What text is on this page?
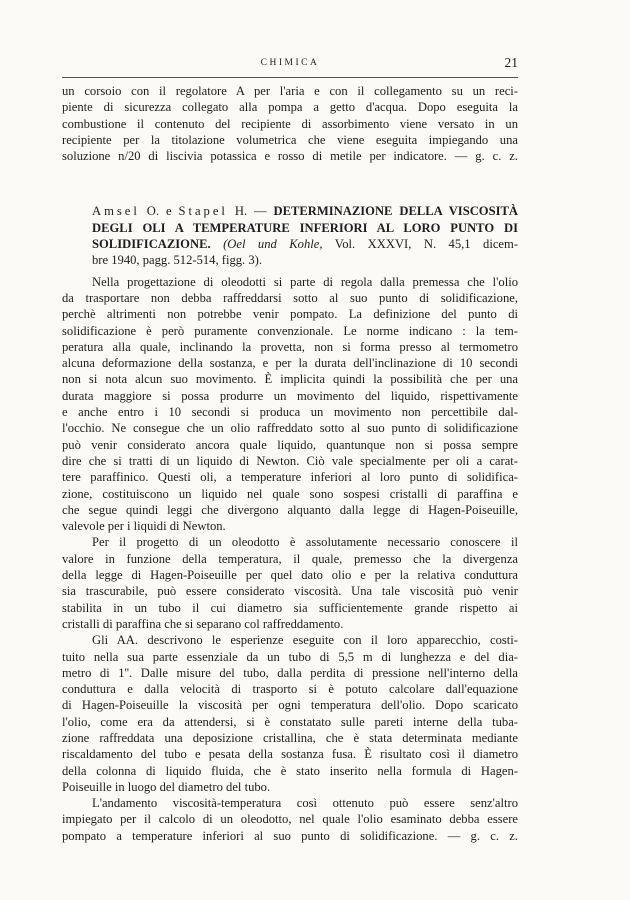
CHIMICA	21

un corsoio con il regolatore A per l'aria e con il collegamento su un reci-

piente di sicurezza collegato alla pompa a getto d'acqua. Dopo eseguita la

combustione il contenuto del recipiente di assorbimento viene versato in un

recipiente per la titolazione volumetrica che viene eseguita impiegando una

soluzione n/20 di liscivia potassica e rosso di metile per indicatore. — g. c. z.

Amsel O. e Stapel H. — DETERMINAZIONE DELLA VISCOSITÀ

DEGLI OLI A TEMPERATURE INFERIORI AL LORO PUNTO DI

SOLIDIFICAZIONE. (Oel und Kohle, Vol. XXXVI, N. 45,1 dicem-

bre 1940, pagg. 512-514, figg. 3).

Nella progettazione di oleodotti si parte di regola dalla premessa che l'olio

da trasportare non debba raffreddarsi sotto al suo punto di solidificazione,

perchè altrimenti non potrebbe venir pompato. La definizione del punto di

solidificazione è però puramente convenzionale. Le norme indicano : la tem-

peratura alla quale, inclinando la provetta, non si forma presso al termometro

alcuna deformazione della sostanza, e per la durata dell'inclinazione di 10 secondi

non si nota alcun suo movimento. È implicita quindi la possibilità che per una

durata maggiore si possa produrre un movimento del liquido, rispettivamente

e anche entro i 10 secondi si produca un movimento non percettibile dal-

l'occhio. Ne consegue che un olio raffreddato sotto al suo punto di solidificazione

può venir considerato ancora quale liquido, quantunque non si possa sempre

dire che si tratti di un liquido di Newton. Ciò vale specialmente per oli a carat-

tere paraffinico. Questi oli, a temperature inferiori al loro punto di solidifica-

zione, costituiscono un liquido nel quale sono sospesi cristalli di paraffina e

che segue quindi leggi che divergono alquanto dalla legge di Hagen-Poiseuille,

valevole per i liquidi di Newton.

Per il progetto di un oleodotto è assolutamente necessario conoscere il

valore in funzione della temperatura, il quale, premesso che la divergenza

della legge di Hagen-Poiseuille per quel dato olio e per la relativa conduttura

sia trascurabile, può essere considerato viscosità. Una tale viscosità può venir

stabilita in un tubo il cui diametro sia sufficientemente grande rispetto ai

cristalli di paraffina che si separano col raffreddamento.

Gli AA. descrivono le esperienze eseguite con il loro apparecchio, costi-

tuito nella sua parte essenziale da un tubo di 5,5 m di lunghezza e del dia-

metro di 1''. Dalle misure del tubo, dalla perdita di pressione nell'interno della

conduttura e dalla velocità di trasporto si è potuto calcolare dall'equazione

di Hagen-Poiseuille la viscosità per ogni temperatura dell'olio. Dopo scaricato

l'olio, come era da attendersi, si è constatato sulle pareti interne della tuba-

zione raffreddata una deposizione cristallina, che è stata determinata mediante

riscaldamento del tubo e pesata della sostanza fusa. È risultato così il diametro

della colonna di liquido fluida, che è stato inserito nella formula di Hagen-

Poiseuille in luogo del diametro del tubo.

L'andamento viscosità-temperatura così ottenuto può essere senz'altro

impiegato per il calcolo di un oleodotto, nel quale l'olio esaminato debba essere

pompato a temperature inferiori al suo punto di solidificazione. — g. c. z.
